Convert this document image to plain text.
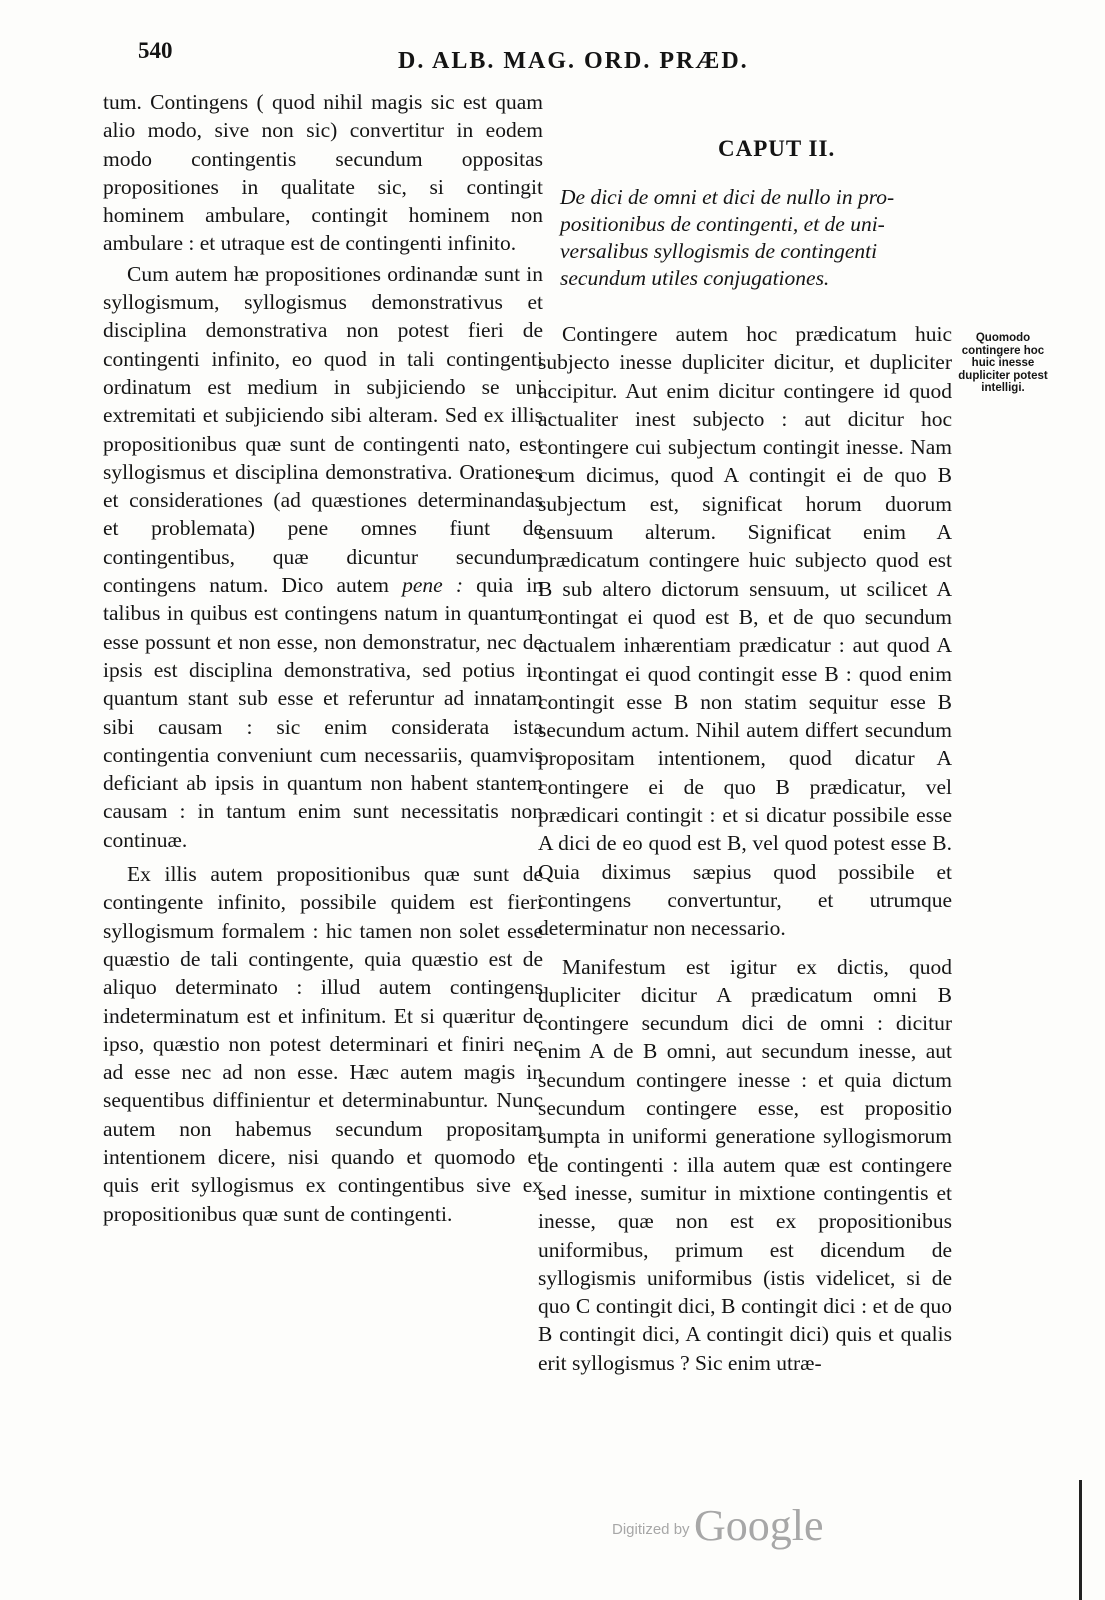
540	D. ALB. MAG. ORD. PRÆD.

tum. Contingens ( quod nihil magis sic est quam alio modo, sive non sic) convertitur in eodem modo contingentis secundum oppositas propositiones in qualitate sic, si contingit hominem ambulare, contingit hominem non ambulare : et utraque est de contingenti infinito.

Cum autem hæ propositiones ordinandæ sunt in syllogismum, syllogismus demonstrativus et disciplina demonstrativa non potest fieri de contingenti infinito, eo quod in tali contingenti ordinatum est medium in subjiciendo se uni extremitati et subjiciendo sibi alteram. Sed ex illis propositionibus quæ sunt de contingenti nato, est syllogismus et disciplina demonstrativa. Orationes et considerationes (ad quæstiones determinandas et problemata) pene omnes fiunt de contingentibus, quæ dicuntur secundum contingens natum. Dico autem pene : quia in talibus in quibus est contingens natum in quantum esse possunt et non esse, non demonstratur, nec de ipsis est disciplina demonstrativa, sed potius in quantum stant sub esse et referuntur ad innatam sibi causam : sic enim considerata ista contingentia conveniunt cum necessariis, quamvis deficiant ab ipsis in quantum non habent stantem causam : in tantum enim sunt necessitatis non continuæ.

Ex illis autem propositionibus quæ sunt de contingente infinito, possibile quidem est fieri syllogismum formalem : hic tamen non solet esse quæstio de tali contingente, quia quæstio est de aliquo determinato : illud autem contingens indeterminatum est et infinitum. Et si quæritur de ipso, quæstio non potest determinari et finiri nec ad esse nec ad non esse. Hæc autem magis in sequentibus diffinientur et determinabuntur. Nunc autem non habemus secundum propositam intentionem dicere, nisi quando et quomodo et quis erit syllogismus ex contingentibus sive ex propositionibus quæ sunt de contingenti.

CAPUT II.
De dici de omni et dici de nullo in pro-
positionibus de contingenti, et de uni-
versalibus syllogismis de contingenti
secundum utiles conjugationes.

Contingere autem hoc prædicatum huic subjecto inesse dupliciter dicitur, et dupliciter accipitur. Aut enim dicitur contingere id quod actualiter inest subjecto : aut dicitur hoc contingere cui subjectum contingit inesse. Nam cum dicimus, quod A contingit ei de quo B subjectum est, significat horum duorum sensuum alterum. Significat enim A prædicatum contingere huic subjecto quod est B sub altero dictorum sensuum, ut scilicet A contingat ei quod est B, et de quo secundum actualem inhærentiam prædicatur : aut quod A contingat ei quod contingit esse B : quod enim contingit esse B non statim sequitur esse B secundum actum. Nihil autem differt secundum propositam intentionem, quod dicatur A contingere ei de quo B prædicatur, vel prædicari contingit : et si dicatur possibile esse A dici de eo quod est B, vel quod potest esse B. Quia diximus sæpius quod possibile et contingens convertuntur, et utrumque determinatur non necessario.

Manifestum est igitur ex dictis, quod dupliciter dicitur A prædicatum omni B contingere secundum dici de omni : dicitur enim A de B omni, aut secundum inesse, aut secundum contingere inesse : et quia dictum secundum contingere esse, est propositio sumpta in uniformi generatione syllogismorum de contingenti : illa autem quæ est contingere sed inesse, sumitur in mixtione contingentis et inesse, quæ non est ex propositionibus uniformibus, primum est dicendum de syllogismis uniformibus (istis videlicet, si de quo C contingit dici, B contingit dici : et de quo B contingit dici, A contingit dici) quis et qualis erit syllogismus ? Sic enim utræ-

Quomodo contingere hoc huic inesse dupliciter potest intelligi.
Digitized by Google
